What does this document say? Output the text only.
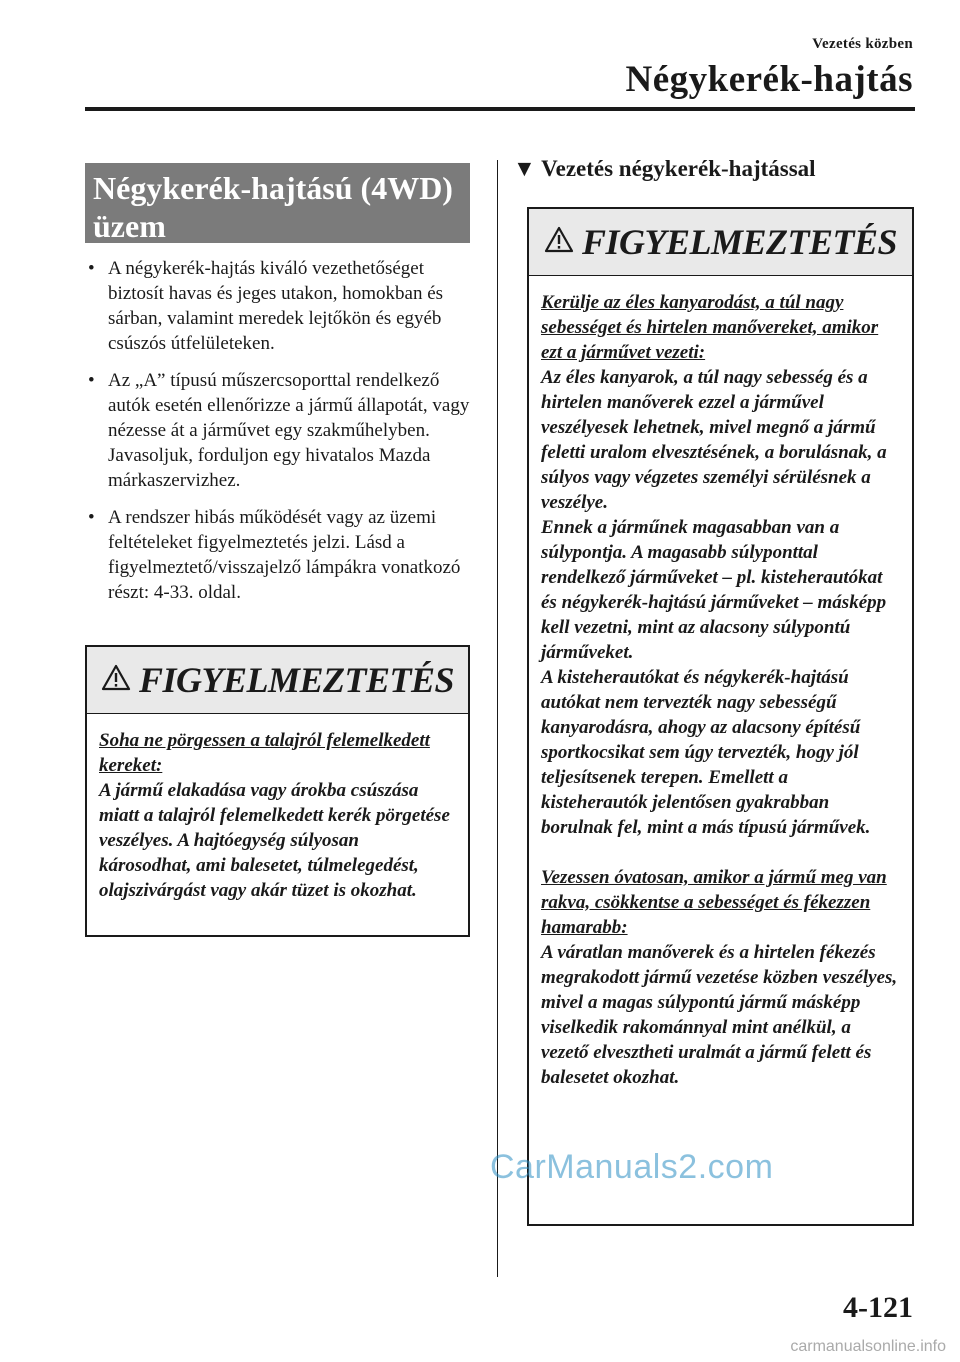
Vezetés közben
Négykerék-hajtás
Négykerék-hajtású (4WD)
üzem
• A négykerék-hajtás kiváló vezethetőséget biztosít havas és jeges utakon, homokban és sárban, valamint meredek lejtőkön és egyéb csúszós útfelületeken.
• Az „A” típusú műszercsoporttal rendelkező autók esetén ellenőrizze a jármű állapotát, vagy nézesse át a járművet egy szakműhelyben. Javasoljuk, forduljon egy hivatalos Mazda márkaszervizhez.
• A rendszer hibás működését vagy az üzemi feltételeket figyelmeztetés jelzi. Lásd a figyelmeztető/visszajelző lámpákra vonatkozó részt: 4-33. oldal.
FIGYELMEZTETÉS

Soha ne pörgessen a talajról felemelkedett kereket:

A jármű elakadása vagy árokba csúszása miatt a talajról felemelkedett kerék pörgetése veszélyes. A hajtóegység súlyosan károsodhat, ami balesetet, túlmelegedést, olajszivárgást vagy akár tüzet is okozhat.

▼ Vezetés négykerék-hajtással
FIGYELMEZTETÉS

Kerülje az éles kanyarodást, a túl nagy sebességet és hirtelen manővereket, amikor ezt a járművet vezeti:

Az éles kanyarok, a túl nagy sebesség és a hirtelen manőverek ezzel a járművel veszélyesek lehetnek, mivel megnő a jármű feletti uralom elvesztésének, a borulásnak, a súlyos vagy végzetes személyi sérülésnek a veszélye.

Ennek a járműnek magasabban van a súlypontja. A magasabb súlyponttal rendelkező járműveket – pl. kisteherautókat és négykerék-hajtású járműveket – másképp kell vezetni, mint az alacsony súlypontú járműveket.

A kisteherautókat és négykerék-hajtású autókat nem tervezték nagy sebességű kanyarodásra, ahogy az alacsony építésű sportkocsikat sem úgy tervezték, hogy jól teljesítsenek terepen. Emellett a kisteherautók jelentősen gyakrabban borulnak fel, mint a más típusú járművek.

Vezessen óvatosan, amikor a jármű meg van rakva, csökkentse a sebességet és fékezzen hamarabb:

A váratlan manőverek és a hirtelen fékezés megrakodott jármű vezetése közben veszélyes, mivel a magas súlypontú jármű másképp viselkedik rakománnyal mint anélkül, a vezető elvesztheti uralmát a jármű felett és balesetet okozhat.

4-121
CarManuals2.com
carmanualsonline.info
